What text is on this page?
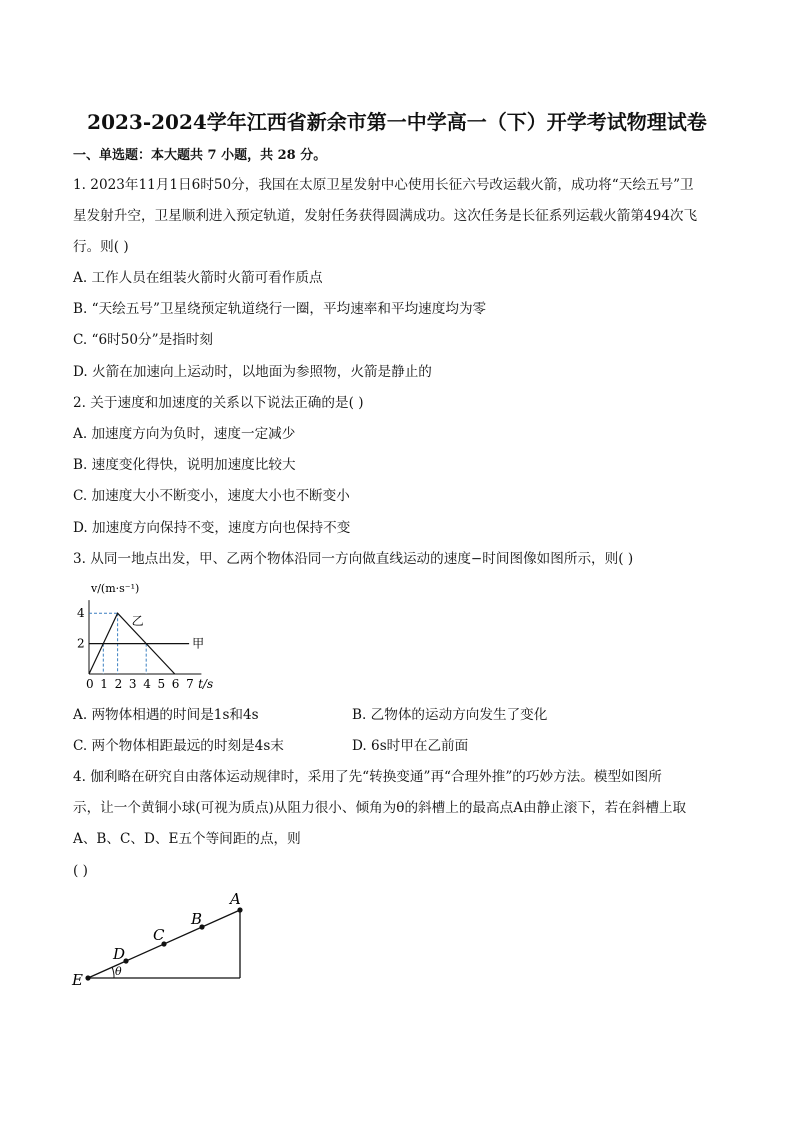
2023-2024学年江西省新余市第一中学高一（下）开学考试物理试卷
一、单选题：本大题共 7 小题，共 28 分。
1. 2023年11月1日6时50分，我国在太原卫星发射中心使用长征六号改运载火箭，成功将“天绘五号”卫
星发射升空，卫星顺利进入预定轨道，发射任务获得圆满成功。这次任务是长征系列运载火箭第494次飞
行。则( )
A. 工作人员在组装火箭时火箭可看作质点
B. “天绘五号”卫星绕预定轨道绕行一圈，平均速率和平均速度均为零
C. “6时50分”是指时刻
D. 火箭在加速向上运动时，以地面为参照物，火箭是静止的
2. 关于速度和加速度的关系以下说法正确的是( )
A. 加速度方向为负时，速度一定减少
B. 速度变化得快，说明加速度比较大
C. 加速度大小不断变小，速度大小也不断变小
D. 加速度方向保持不变，速度方向也保持不变
3. 从同一地点出发，甲、乙两个物体沿同一方向做直线运动的速度−时间图像如图所示，则( )
0 1 2 3 4 5 6 7 t/s
2
4
v/(m·s⁻¹)
甲
乙
A. 两物体相遇的时间是1s和4s	B. 乙物体的运动方向发生了变化
C. 两个物体相距最远的时刻是4s末	D. 6s时甲在乙前面
4. 伽利略在研究自由落体运动规律时，采用了先“转换变通”再“合理外推”的巧妙方法。模型如图所
示，让一个黄铜小球(可视为质点)从阻力很小、倾角为θ的斜槽上的最高点A由静止滚下，若在斜槽上取
A、B、C、D、E五个等间距的点，则
( )
A
B
C
D
E	θ
